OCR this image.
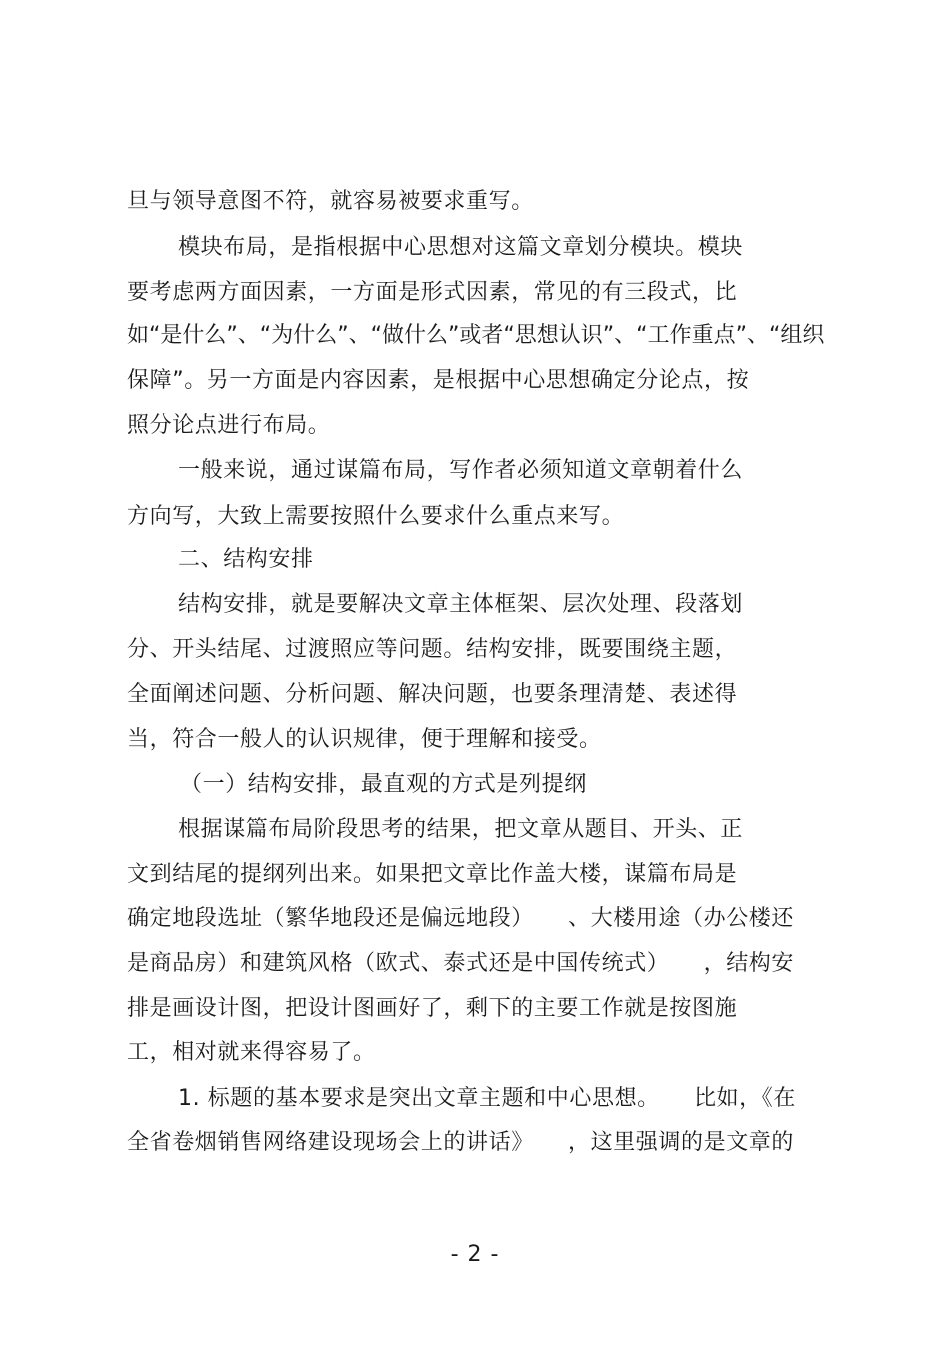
旦与领导意图不符，就容易被要求重写。
模块布局，是指根据中心思想对这篇文章划分模块。模块
要考虑两方面因素，一方面是形式因素，常见的有三段式，比
如“是什么”、“为什么”、“做什么”或者“思想认识”、“工作重点”、“组织
保障”。另一方面是内容因素，是根据中心思想确定分论点，按
照分论点进行布局。
一般来说，通过谋篇布局，写作者必须知道文章朝着什么
方向写，大致上需要按照什么要求什么重点来写。
二、结构安排
结构安排，就是要解决文章主体框架、层次处理、段落划
分、开头结尾、过渡照应等问题。结构安排，既要围绕主题，
全面阐述问题、分析问题、解决问题，也要条理清楚、表述得
当，符合一般人的认识规律，便于理解和接受。
（一）结构安排，最直观的方式是列提纲
根据谋篇布局阶段思考的结果，把文章从题目、开头、正
文到结尾的提纲列出来。如果把文章比作盖大楼，谋篇布局是
确定地段选址（繁华地段还是偏远地段）　　、大楼用途（办公楼还
是商品房）和建筑风格（欧式、泰式还是中国传统式）　　，结构安
排是画设计图，把设计图画好了，剩下的主要工作就是按图施
工，相对就来得容易了。
1. 标题的基本要求是突出文章主题和中心思想。　　比如，《在
全省卷烟销售网络建设现场会上的讲话》　　，这里强调的是文章的
- 2 -
